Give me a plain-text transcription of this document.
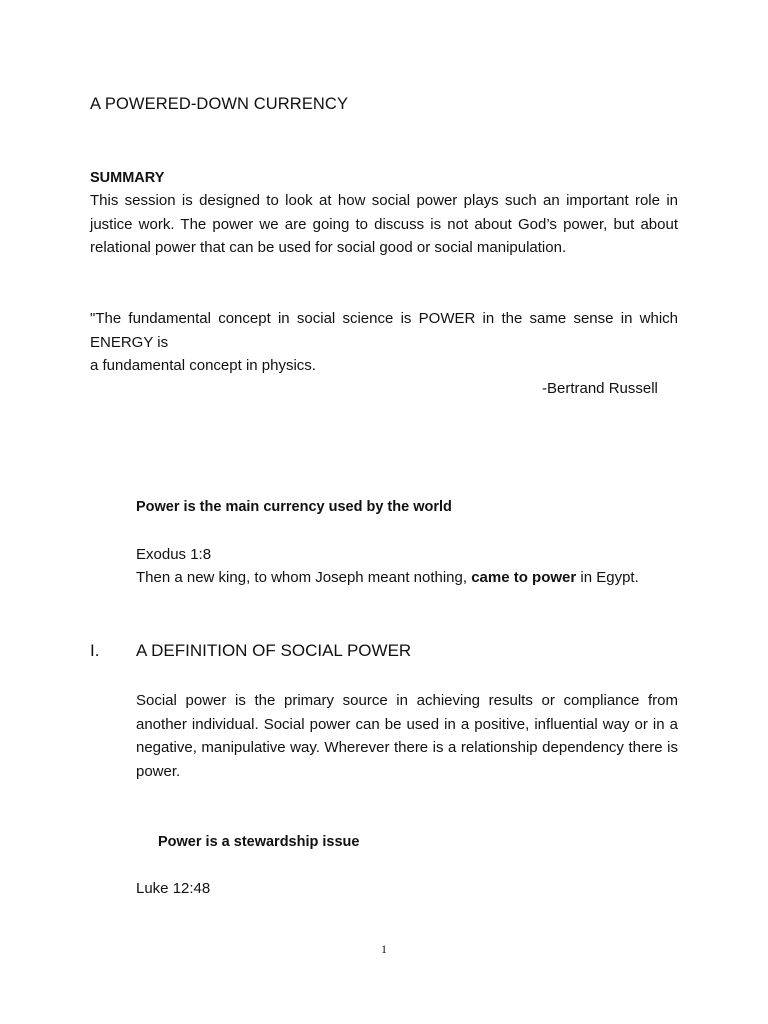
A POWERED-DOWN CURRENCY
SUMMARY

This session is designed to look at how social power plays such an important role in justice work. The power we are going to discuss is not about God’s power, but about relational power that can be used for social good or social manipulation.

"The fundamental concept in social science is POWER in the same sense in which ENERGY is

a fundamental concept in physics.

-Bertrand Russell
Power is the main currency used by the world
Exodus 1:8
Then a new king, to whom Joseph meant nothing, came to power in Egypt.
I. A DEFINITION OF SOCIAL POWER

Social power is the primary source in achieving results or compliance from another individual. Social power can be used in a positive, influential way or in a negative, manipulative way. Wherever there is a relationship dependency there is power.

Power is a stewardship issue
Luke 12:48
1
